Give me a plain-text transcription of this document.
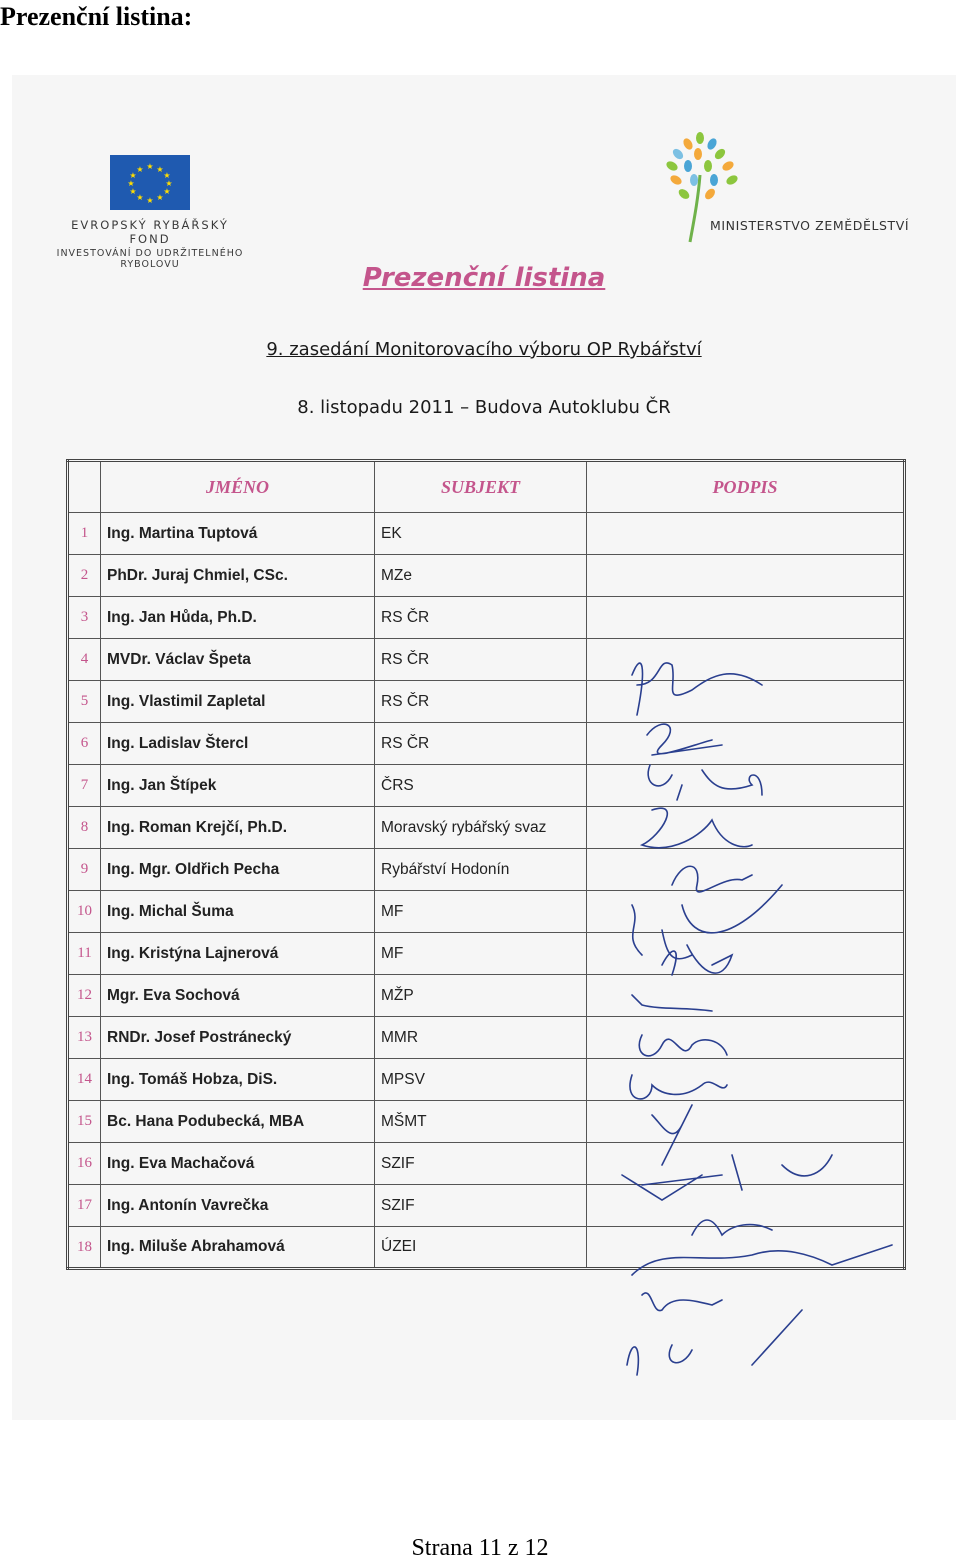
Prezenční listina:
★ ★
★
★
★
★
★
★
★
★
★
★
EVROPSKÝ RYBÁŘSKÝ FOND
INVESTOVÁNÍ DO UDRŽITELNÉHO
RYBOLOVU
MINISTERSTVO ZEMĚDĚLSTVÍ
Prezenční listina
9. zasedání Monitorovacího výboru OP Rybářství
8. listopadu 2011 – Budova Autoklubu ČR
	JMÉNO	SUBJEKT	PODPIS
1	Ing. Martina Tuptová	EK	
2	PhDr. Juraj Chmiel, CSc.	MZe	
3	Ing. Jan Hůda, Ph.D.	RS ČR	
4	MVDr. Václav Špeta	RS ČR	
5	Ing. Vlastimil Zapletal	RS ČR	
6	Ing. Ladislav Štercl	RS ČR	
7	Ing. Jan Štípek	ČRS	
8	Ing. Roman Krejčí, Ph.D.	Moravský rybářský svaz	
9	Ing. Mgr. Oldřich Pecha	Rybářství Hodonín	
10	Ing. Michal Šuma	MF	
11	Ing. Kristýna Lajnerová	MF	
12	Mgr. Eva Sochová	MŽP	
13	RNDr. Josef Postránecký	MMR	
14	Ing. Tomáš Hobza, DiS.	MPSV	
15	Bc. Hana Podubecká, MBA	MŠMT	
16	Ing. Eva Machačová	SZIF	
17	Ing. Antonín Vavrečka	SZIF	
18	Ing. Miluše Abrahamová	ÚZEI	
Strana 11 z 12
